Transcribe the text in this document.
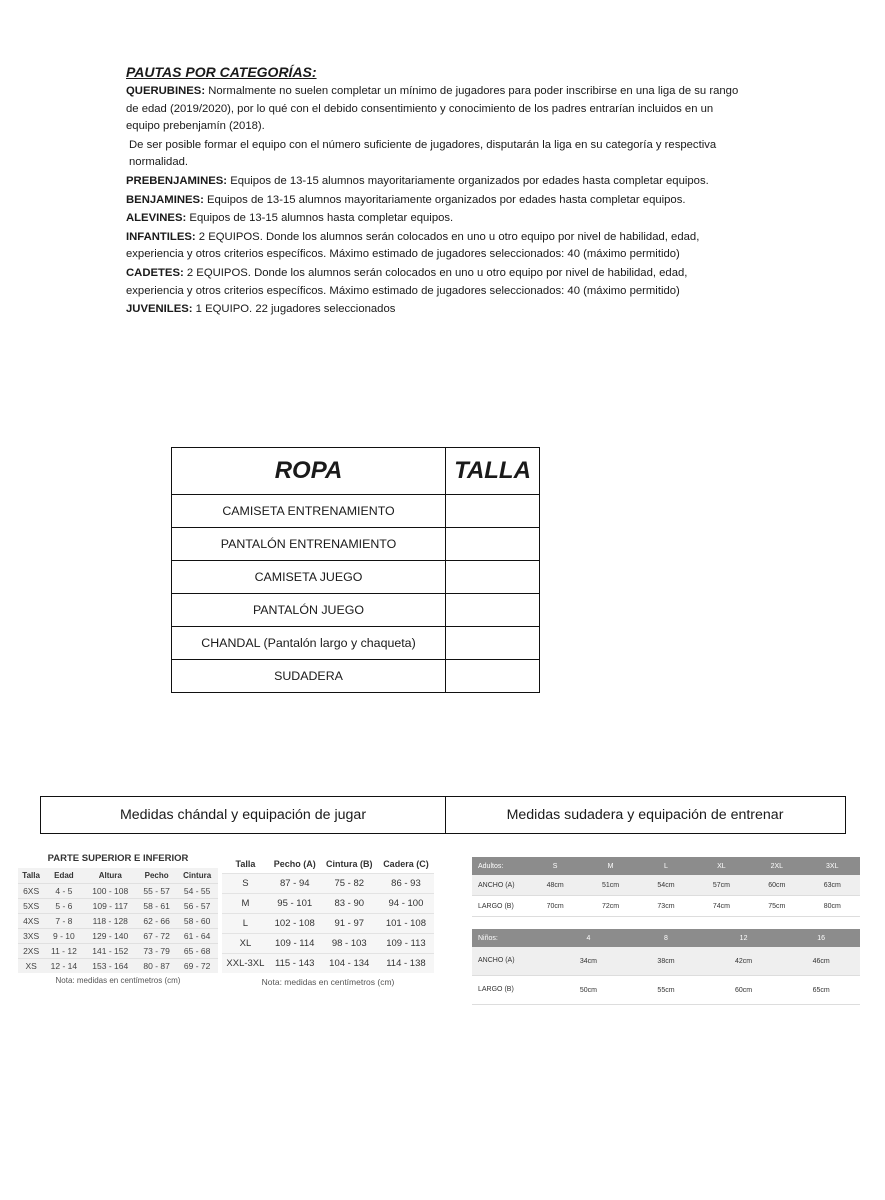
PAUTAS POR CATEGORÍAS:

QUERUBINES: Normalmente no suelen completar un mínimo de jugadores para poder inscribirse en una liga de su rango de edad (2019/2020), por lo qué con el debido consentimiento y conocimiento de los padres entrarían incluidos en un equipo prebenjamín (2018).

De ser posible formar el equipo con el número suficiente de jugadores, disputarán la liga en su categoría y respectiva normalidad.

PREBENJAMINES: Equipos de 13-15 alumnos mayoritariamente organizados por edades hasta completar equipos.

BENJAMINES: Equipos de 13-15 alumnos mayoritariamente organizados por edades hasta completar equipos.

ALEVINES: Equipos de 13-15 alumnos hasta completar equipos.

INFANTILES: 2 EQUIPOS. Donde los alumnos serán colocados en uno u otro equipo por nivel de habilidad, edad, experiencia y otros criterios específicos. Máximo estimado de jugadores seleccionados: 40 (máximo permitido)

CADETES: 2 EQUIPOS. Donde los alumnos serán colocados en uno u otro equipo por nivel de habilidad, edad, experiencia y otros criterios específicos. Máximo estimado de jugadores seleccionados: 40 (máximo permitido)

JUVENILES: 1 EQUIPO. 22 jugadores seleccionados

ROPA	TALLA
CAMISETA ENTRENAMIENTO	
PANTALÓN ENTRENAMIENTO	
CAMISETA JUEGO	
PANTALÓN JUEGO	
CHANDAL (Pantalón largo y chaqueta)	
SUDADERA	
Medidas chándal y equipación de jugar	Medidas sudadera y equipación de entrenar
PARTE SUPERIOR E INFERIOR
Talla	Edad	Altura	Pecho	Cintura
6XS	4 - 5	100 - 108	55 - 57	54 - 55
5XS	5 - 6	109 - 117	58 - 61	56 - 57
4XS	7 - 8	118 - 128	62 - 66	58 - 60
3XS	9 - 10	129 - 140	67 - 72	61 - 64
2XS	11 - 12	141 - 152	73 - 79	65 - 68
XS	12 - 14	153 - 164	80 - 87	69 - 72
Nota: medidas en centímetros (cm)
Talla	Pecho (A)	Cintura (B)	Cadera (C)
S	87 - 94	75 - 82	86 - 93
M	95 - 101	83 - 90	94 - 100
L	102 - 108	91 - 97	101 - 108
XL	109 - 114	98 - 103	109 - 113
XXL-3XL	115 - 143	104 - 134	114 - 138
Nota: medidas en centímetros (cm)
Adultos:	S	M	L	XL	2XL	3XL
ANCHO (A)	48cm	51cm	54cm	57cm	60cm	63cm
LARGO (B)	70cm	72cm	73cm	74cm	75cm	80cm
Niños:	4	8	12	16
ANCHO (A)	34cm	38cm	42cm	46cm
LARGO (B)	50cm	55cm	60cm	65cm
